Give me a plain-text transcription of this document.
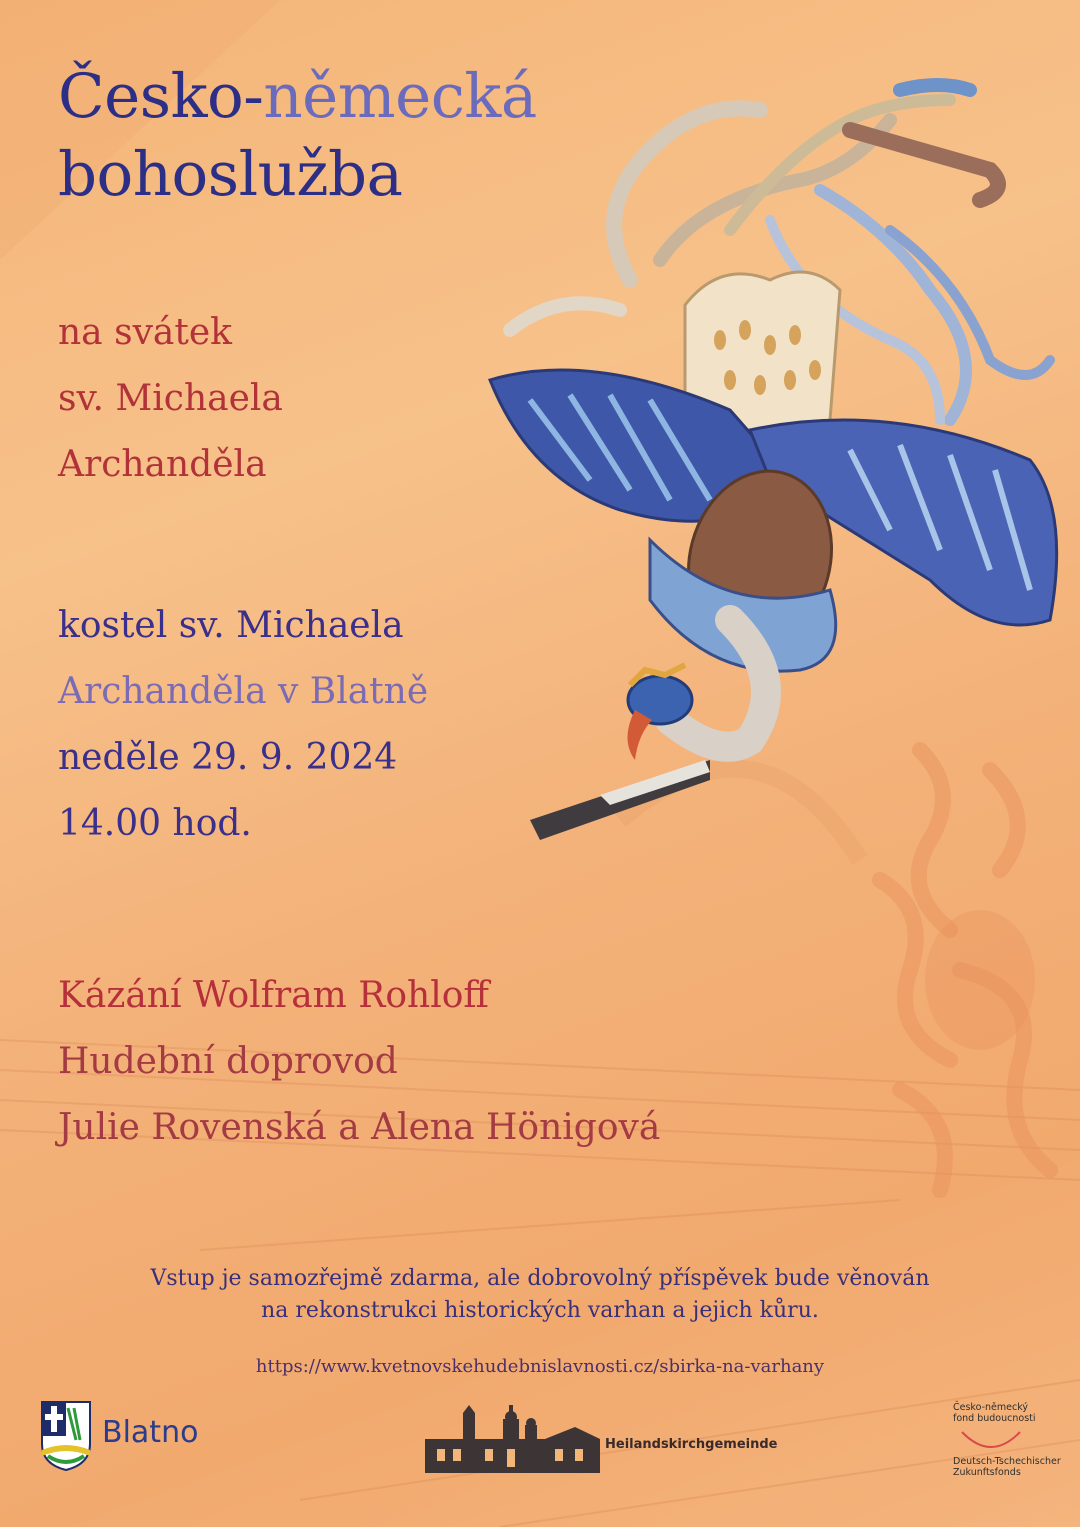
Česko-německá
bohoslužba
na svátek
sv. Michaela
Archanděla
kostel sv. Michaela
Archanděla v Blatně
neděle 29. 9. 2024
14.00 hod.
Kázání Wolfram Rohloff
Hudební doprovod
Julie Rovenská a Alena Hönigová
Vstup je samozřejmě zdarma, ale dobrovolný příspěvek bude věnován
na rekonstrukci historických varhan a jejich kůru.
https://www.kvetnovskehudebnislavnosti.cz/sbirka-na-varhany
Blatno	Heilandskirchgemeinde
Česko-německý
fond budoucnosti
Deutsch-Tschechischer
Zukunftsfonds
